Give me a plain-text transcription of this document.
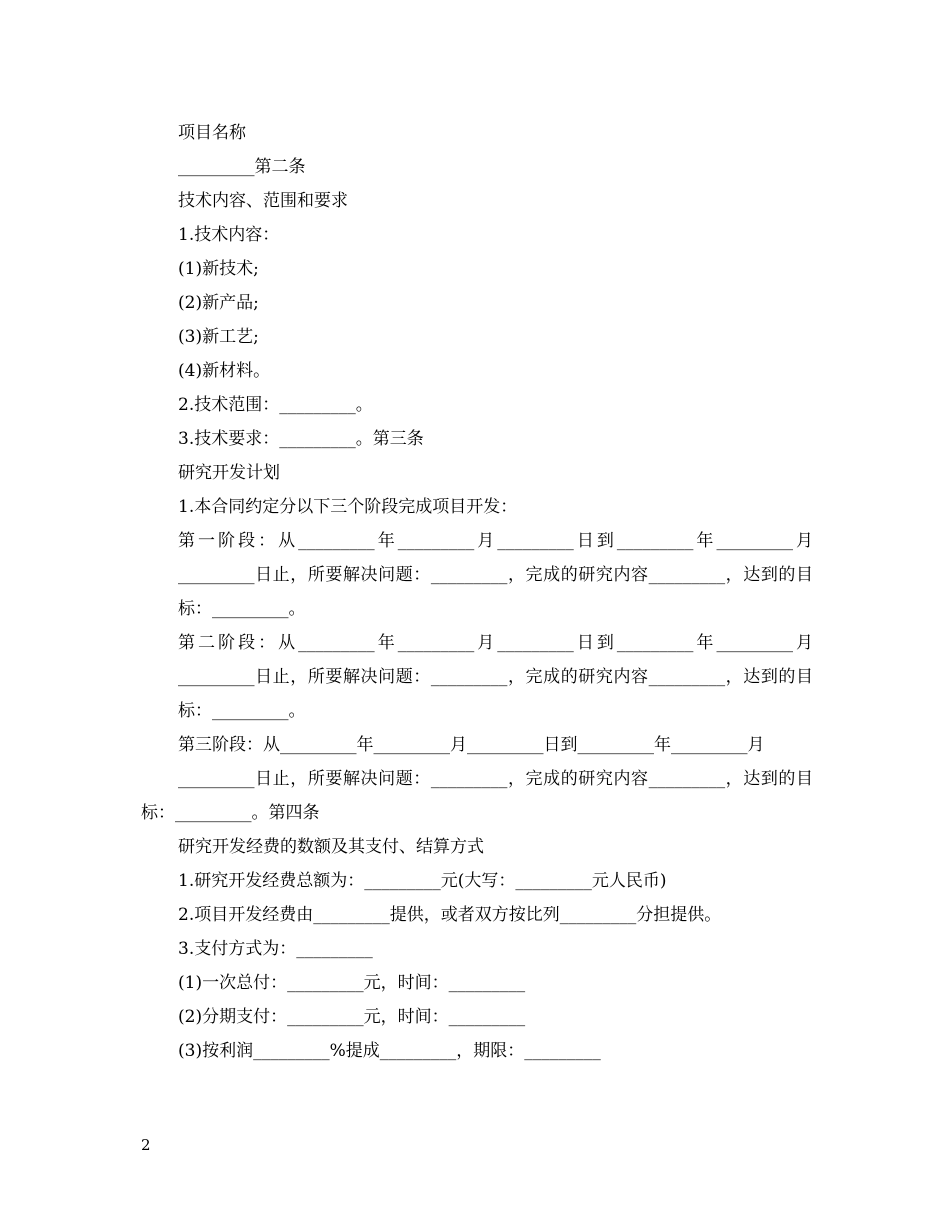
项目名称

_________第二条

技术内容、范围和要求

1.技术内容：

(1)新技术;

(2)新产品;

(3)新工艺;

(4)新材料。

2.技术范围：_________。

3.技术要求：_________。第三条

研究开发计划

1.本合同约定分以下三个阶段完成项目开发：

第一阶段：从_________年_________月_________日到_________年_________月_________日止，所要解决问题：_________，完成的研究内容_________，达到的目标：_________。

第二阶段：从_________年_________月_________日到_________年_________月_________日止，所要解决问题：_________，完成的研究内容_________，达到的目标：_________。

第三阶段：从_________年_________月_________日到_________年_________月

_________日止，所要解决问题：_________，完成的研究内容_________，达到的目标：_________。第四条

研究开发经费的数额及其支付、结算方式

1.研究开发经费总额为：_________元(大写：_________元人民币)

2.项目开发经费由_________提供，或者双方按比列_________分担提供。

3.支付方式为：_________

(1)一次总付：_________元，时间：_________

(2)分期支付：_________元，时间：_________

(3)按利润_________%提成_________，期限：_________

2
